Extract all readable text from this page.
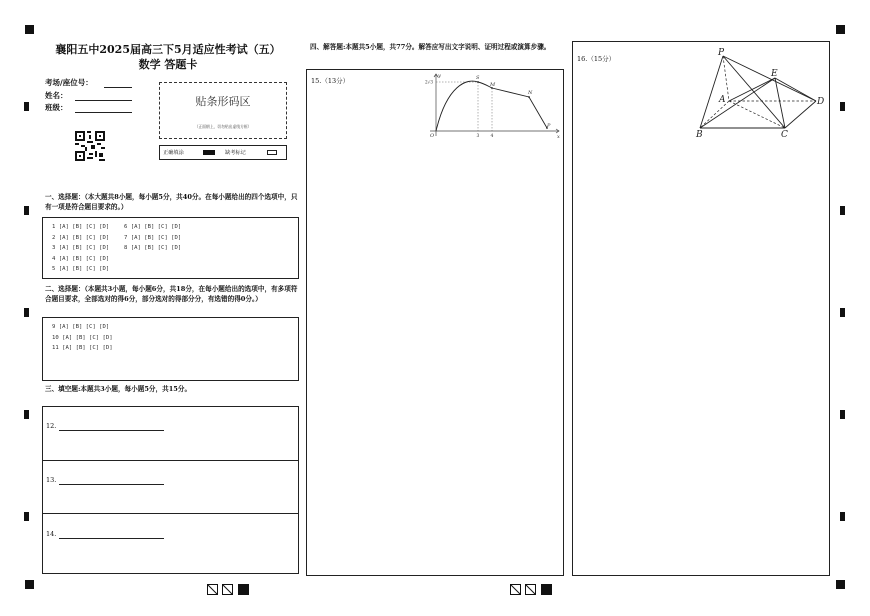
襄阳五中2025届高三下5月适应性考试（五）
数学 答题卡
考场/座位号：
姓名：
班级：	贴条形码区
（正面朝上，切勿贴出虚线方框）
正确填涂	缺考标记
一、选择题：（本大题共8小题，每小题5分，共40分。在每小题给出的四个选项中，只有一项是符合题目要求的。）
1 [A] [B] [C] [D]
2 [A] [B] [C] [D]
3 [A] [B] [C] [D]
4 [A] [B] [C] [D]
5 [A] [B] [C] [D]
6 [A] [B] [C] [D]
7 [A] [B] [C] [D]
8 [A] [B] [C] [D]
二、选择题：（本题共3小题，每小题6分，共18分，在每小题给出的选项中，有多项符合题目要求，全部选对的得6分，部分选对的得部分分，有选错的得0分。）
9 [A] [B] [C] [D]
10 [A] [B] [C] [D]
11 [A] [B] [C] [D]
三、填空题:本题共3小题，每小题5分，共15分。
12.
13.
14.
四、解答题:本题共5小题，共77分。解答应写出文字说明、证明过程或演算步骤。
15.（13分）
y
x
O
2√3
3 4
S
M
N
P
16.（15分）
P
E
A	D
B	C
